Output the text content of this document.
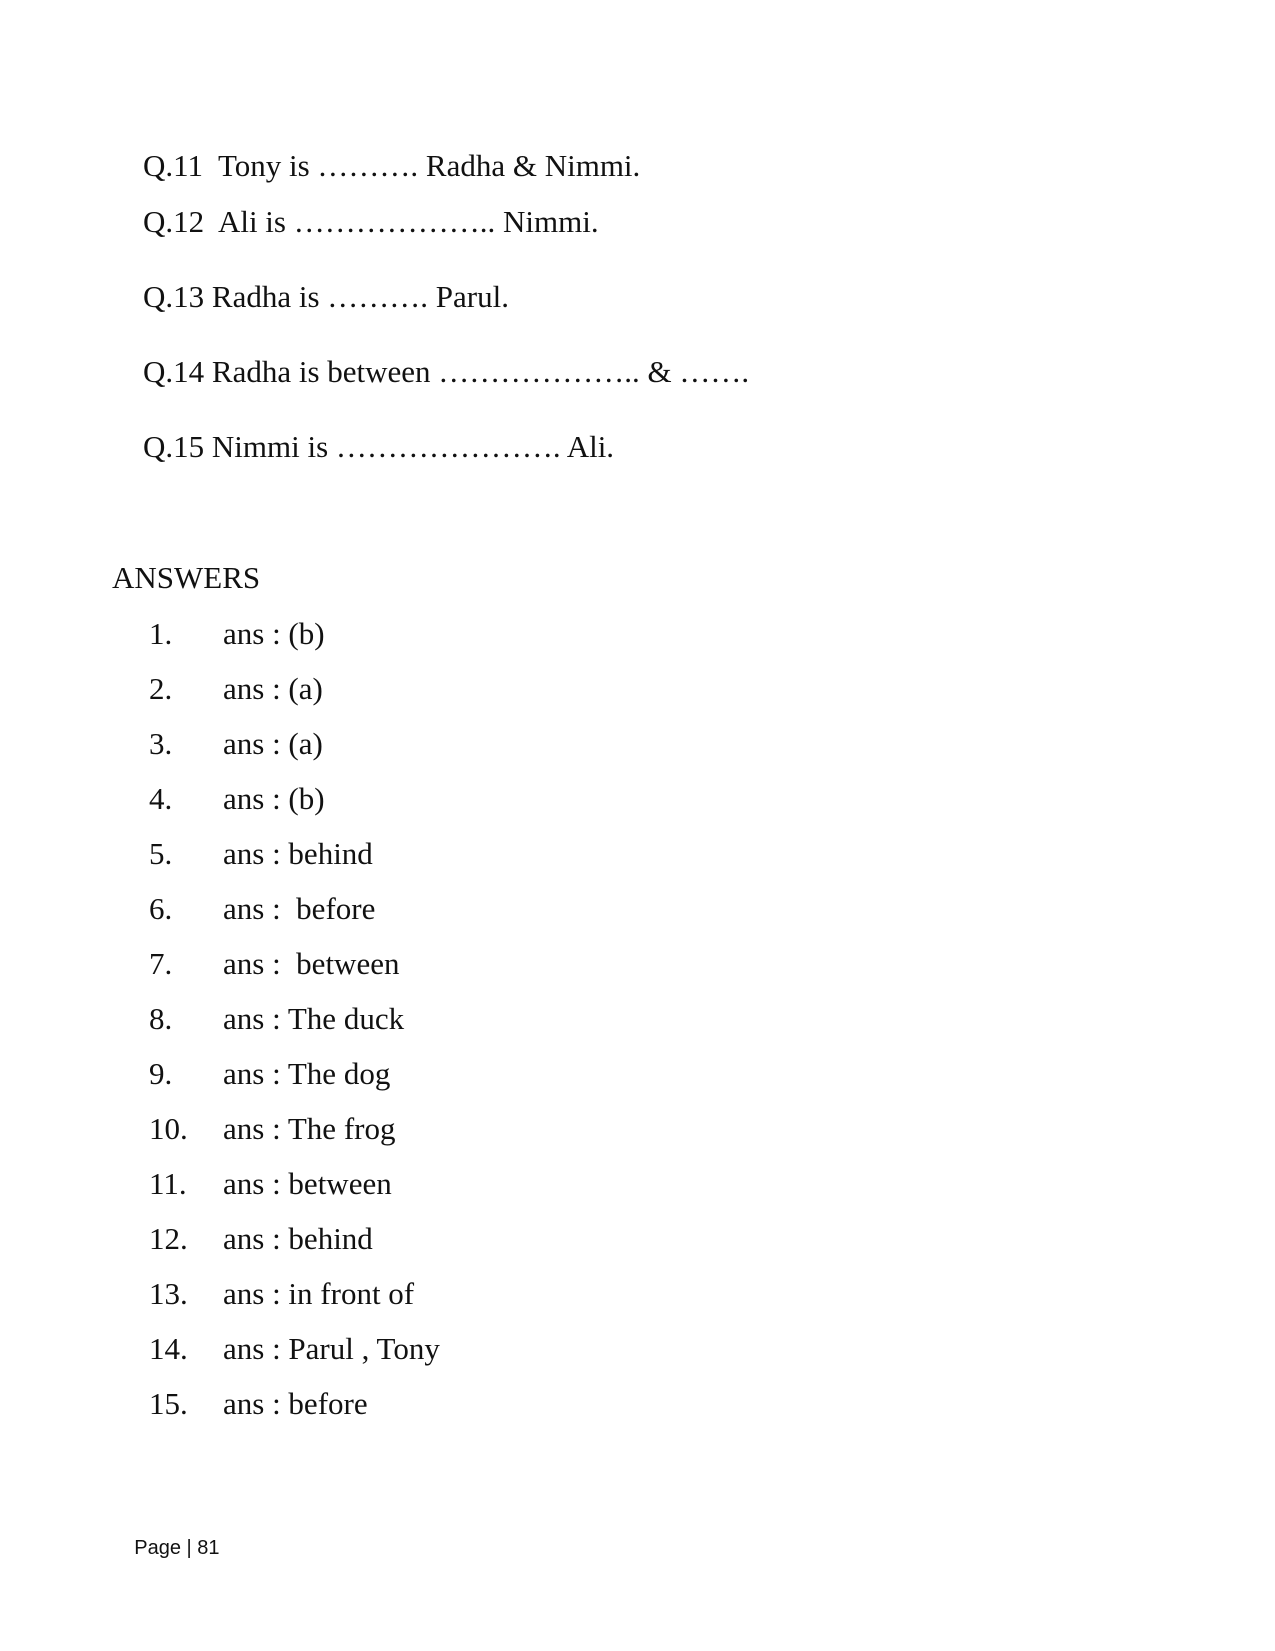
Q.11 Tony is ………. Radha & Nimmi.

Q.12 Ali is ……………….. Nimmi.

Q.13 Radha is ………. Parul.

Q.14 Radha is between ……………….. & …….

Q.15 Nimmi is …………………. Ali.

ANSWERS
1. ans : (b)
2. ans : (a)
3. ans : (a)
4. ans : (b)
5. ans : behind
6. ans :  before
7. ans :  between
8. ans : The duck
9. ans : The dog
10. ans : The frog
11. ans : between
12. ans : behind
13. ans : in front of
14. ans : Parul , Tony
15. ans : before

Page | 81
